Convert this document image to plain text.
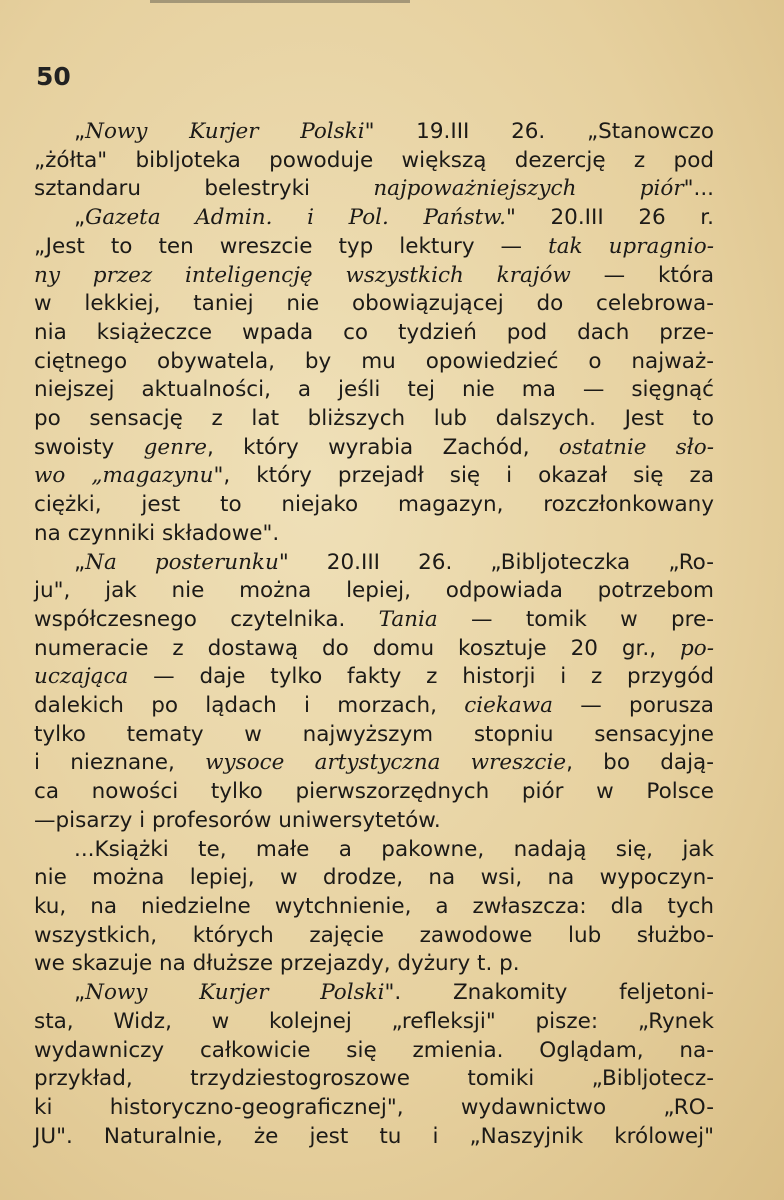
50
„Nowy Kurjer Polski" 19.III 26. „Stanowczo
„żółta" bibljoteka powoduje większą dezercję z pod
sztandaru belestryki najpoważniejszych piór"...
„Gazeta Admin. i Pol. Państw." 20.III 26 r.
„Jest to ten wreszcie typ lektury — tak upragnio-
ny przez inteligencję wszystkich krajów — która
w lekkiej, taniej nie obowiązującej do celebrowa-
nia książeczce wpada co tydzień pod dach prze-
ciętnego obywatela, by mu opowiedzieć o najważ-
niejszej aktualności, a jeśli tej nie ma — sięgnąć
po sensację z lat bliższych lub dalszych. Jest to
swoisty genre, który wyrabia Zachód, ostatnie sło-
wo „magazynu", który przejadł się i okazał się za
ciężki, jest to niejako magazyn, rozczłonkowany
na czynniki składowe".
„Na posterunku" 20.III 26. „Bibljoteczka „Ro-
ju", jak nie można lepiej, odpowiada potrzebom
współczesnego czytelnika. Tania — tomik w pre-
numeracie z dostawą do domu kosztuje 20 gr., po-
uczająca — daje tylko fakty z historji i z przygód
dalekich po lądach i morzach, ciekawa — porusza
tylko tematy w najwyższym stopniu sensacyjne
i nieznane, wysoce artystyczna wreszcie, bo dają-
ca nowości tylko pierwszorzędnych piór w Polsce
—pisarzy i profesorów uniwersytetów.
...Książki te, małe a pakowne, nadają się, jak
nie można lepiej, w drodze, na wsi, na wypoczyn-
ku, na niedzielne wytchnienie, a zwłaszcza: dla tych
wszystkich, których zajęcie zawodowe lub służbo-
we skazuje na dłuższe przejazdy, dyżury t. p.
„Nowy Kurjer Polski". Znakomity feljetoni-
sta, Widz, w kolejnej „refleksji" pisze: „Rynek
wydawniczy całkowicie się zmienia. Oglądam, na-
przykład, trzydziestogroszowe tomiki „Bibljotecz-
ki historyczno-geograficznej", wydawnictwo „RO-
JU". Naturalnie, że jest tu i „Naszyjnik królowej"
